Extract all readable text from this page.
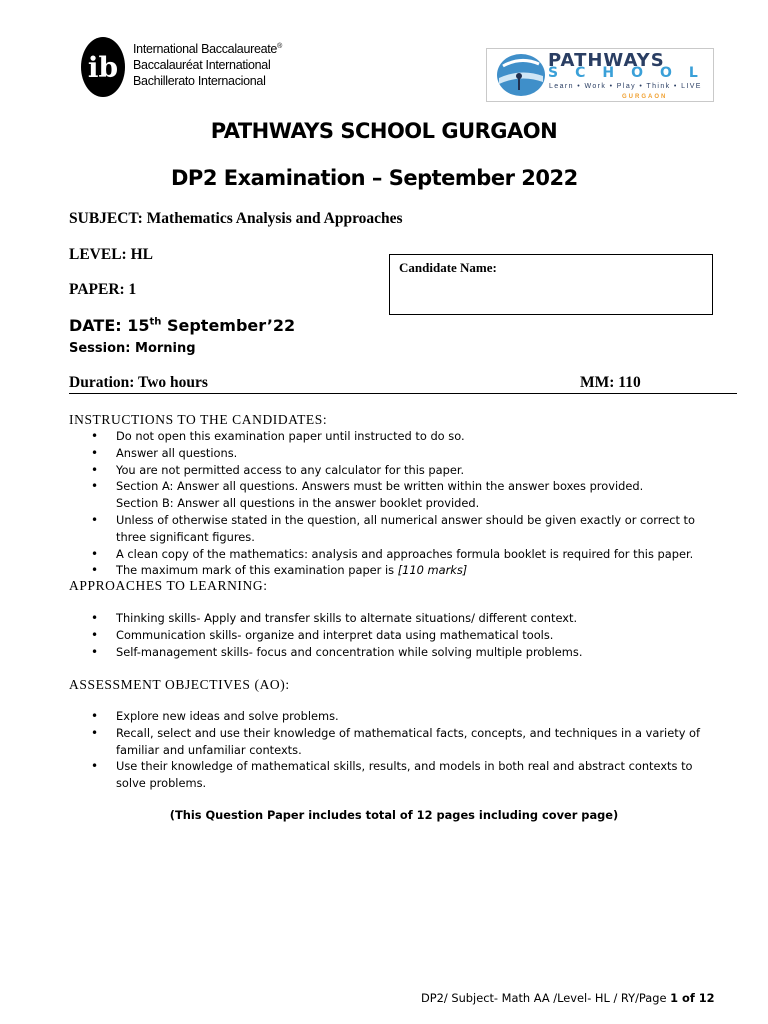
ib
International Baccalaureate®
Baccalauréat International
Bachillerato Internacional
PATHWAYS
SCHOOL
Learn • Work • Play • Think • LIVE
GURGAON
PATHWAYS SCHOOL GURGAON
DP2 Examination – September 2022
SUBJECT: Mathematics Analysis and Approaches
LEVEL: HL
PAPER: 1
Candidate Name:
DATE: 15th September’22
Session: Morning
Duration: Two hours	MM: 110
INSTRUCTIONS TO THE CANDIDATES:
• Do not open this examination paper until instructed to do so.
• Answer all questions.
• You are not permitted access to any calculator for this paper.
• Section A: Answer all questions. Answers must be written within the answer boxes provided.
Section B: Answer all questions in the answer booklet provided.
• Unless of otherwise stated in the question, all numerical answer should be given exactly or correct to
three significant figures.
• A clean copy of the mathematics: analysis and approaches formula booklet is required for this paper.
• The maximum mark of this examination paper is [110 marks]
APPROACHES TO LEARNING:
• Thinking skills- Apply and transfer skills to alternate situations/ different context.
• Communication skills- organize and interpret data using mathematical tools.
• Self-management skills- focus and concentration while solving multiple problems.
ASSESSMENT OBJECTIVES (AO):
• Explore new ideas and solve problems.
• Recall, select and use their knowledge of mathematical facts, concepts, and techniques in a variety of
familiar and unfamiliar contexts.
• Use their knowledge of mathematical skills, results, and models in both real and abstract contexts to
solve problems.
(This Question Paper includes total of 12 pages including cover page)
DP2/ Subject- Math AA /Level- HL / RY/Page 1 of 12
